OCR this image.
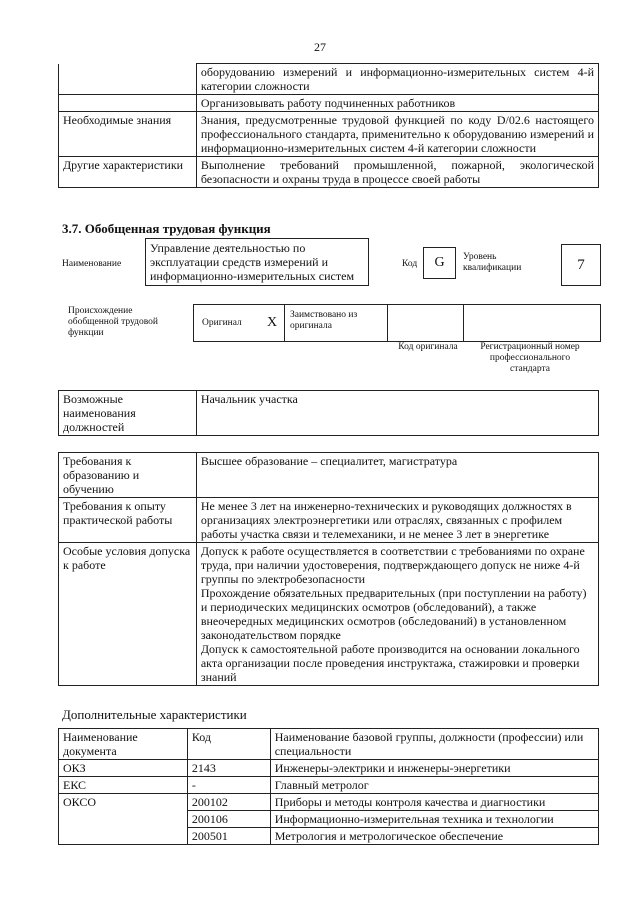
27
	оборудованию измерений и информационно-измерительных систем 4-й категории сложности
	Организовывать работу подчиненных работников
Необходимые знания	Знания, предусмотренные трудовой функцией по коду D/02.6 настоящего профессионального стандарта, применительно к оборудованию измерений и информационно-измерительных систем 4-й категории сложности
Другие характеристики	Выполнение требований промышленной, пожарной, экологической безопасности и охраны труда в процессе своей работы
3.7. Обобщенная трудовая функция
Наименование
Управление деятельностью по эксплуатации средств измерений и информационно-измерительных систем
Код	G	Уровень квалификации	7
Происхождение обобщенной трудовой функции
Оригинал X Заимствовано из оригинала
Код оригинала	Регистрационный номер профессионального стандарта
Возможные наименования должностей	Начальник участка
Требования к образованию и обучению	Высшее образование – специалитет, магистратура
Требования к опыту практической работы	Не менее 3 лет на инженерно-технических и руководящих должностях в организациях электроэнергетики или отраслях, связанных с профилем работы участка связи и телемеханики, и не менее 3 лет в энергетике
Особые условия допуска к работе	Допуск к работе осуществляется в соответствии с требованиями по охране труда, при наличии удостоверения, подтверждающего допуск не ниже 4-й группы по электробезопасности
Прохождение обязательных предварительных (при поступлении на работу) и периодических медицинских осмотров (обследований), а также внеочередных медицинских осмотров (обследований) в установленном законодательством порядке
Допуск к самостоятельной работе производится на основании локального акта организации после проведения инструктажа, стажировки и проверки знаний
Дополнительные характеристики
Наименование документа	Код	Наименование базовой группы, должности (профессии) или специальности
ОКЗ	2143	Инженеры-электрики и инженеры-энергетики
ЕКС	-	Главный метролог
ОКСО	200102	Приборы и методы контроля качества и диагностики
	200106	Информационно-измерительная техника и технологии
	200501	Метрология и метрологическое обеспечение
